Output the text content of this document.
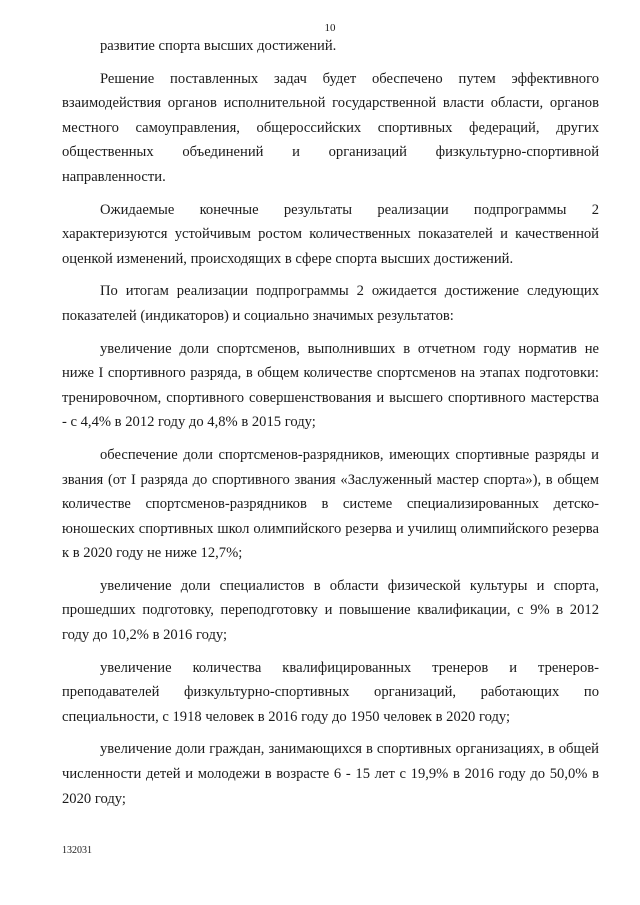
10

развитие спорта высших достижений.

Решение поставленных задач будет обеспечено путем эффективного взаимодействия органов исполнительной государственной власти области, органов местного самоуправления, общероссийских спортивных федераций, других общественных объединений и организаций физкультурно-спортивной направленности.

Ожидаемые конечные результаты реализации подпрограммы 2 характеризуются устойчивым ростом количественных показателей и качественной оценкой изменений, происходящих в сфере спорта высших достижений.

По итогам реализации подпрограммы 2 ожидается достижение следующих показателей (индикаторов) и социально значимых результатов:

увеличение доли спортсменов, выполнивших в отчетном году норматив не ниже I спортивного разряда, в общем количестве спортсменов на этапах подготовки: тренировочном, спортивного совершенствования и высшего спортивного мастерства - с 4,4% в 2012 году до 4,8% в 2015 году;

обеспечение доли спортсменов-разрядников, имеющих спортивные разряды и звания (от I разряда до спортивного звания «Заслуженный мастер спорта»), в общем количестве спортсменов-разрядников в системе специализированных детско-юношеских спортивных школ олимпийского резерва и училищ олимпийского резерва к в 2020 году не ниже 12,7%;

увеличение доли специалистов в области физической культуры и спорта, прошедших подготовку, переподготовку и повышение квалификации, с 9% в 2012 году до 10,2% в 2016 году;

увеличение количества квалифицированных тренеров и тренеров-преподавателей физкультурно-спортивных организаций, работающих по специальности, с 1918 человек в 2016 году до 1950 человек в 2020 году;

увеличение доли граждан, занимающихся в спортивных организациях, в общей численности детей и молодежи в возрасте 6 - 15 лет с 19,9% в 2016 году до 50,0% в 2020 году;

132031
